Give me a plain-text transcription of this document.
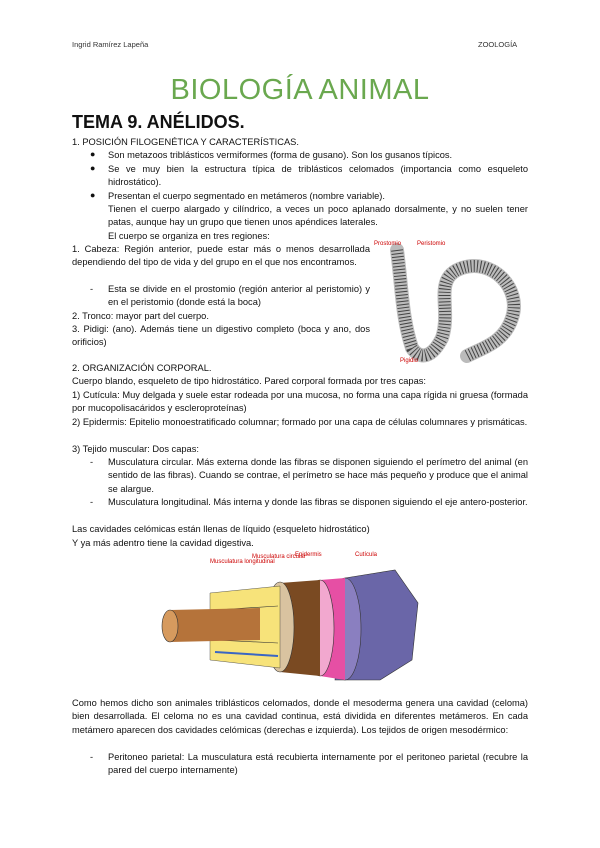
Ingrid Ramírez Lapeña	ZOOLOGÍA
BIOLOGÍA ANIMAL
TEMA 9. ANÉLIDOS.
1. POSICIÓN FILOGENÉTICA Y CARACTERÍSTICAS.
● Son metazoos triblásticos vermiformes (forma de gusano). Son los gusanos típicos.
● Se ve muy bien la estructura típica de triblásticos celomados (importancia como esqueleto hidrostático).
● Presentan el cuerpo segmentado en metámeros (nombre variable).
Tienen el cuerpo alargado y cilíndrico, a veces un poco aplanado dorsalmente, y no suelen tener patas, aunque hay un grupo que tienen unos apéndices laterales.
El cuerpo se organiza en tres regiones:
1. Cabeza: Región anterior, puede estar más o menos desarrollada dependiendo del tipo de vida y del grupo en el que nos encontramos.
- Esta se divide en el prostomio (región anterior al peristomio) y en el peristomio (donde está la boca)
2. Tronco: mayor part del cuerpo.
3. Pidigi: (ano). Además tiene un digestivo completo (boca y ano, dos orificios)
Prostomio	Peristomio
Pigidio
2. ORGANIZACIÓN CORPORAL.
Cuerpo blando, esqueleto de tipo hidrostático. Pared corporal formada por tres capas:
1) Cutícula: Muy delgada y suele estar rodeada por una mucosa, no forma una capa rígida ni gruesa (formada por mucopolisacáridos y escleroproteínas)
2) Epidermis: Epitelio monoestratificado columnar; formado por una capa de células columnares y prismáticas.
3) Tejido muscular: Dos capas:
- Musculatura circular. Más externa donde las fibras se disponen siguiendo el perímetro del animal (en sentido de las fibras). Cuando se contrae, el perímetro se hace más pequeño y produce que el animal se alargue.
- Musculatura longitudinal. Más interna y donde las fibras se disponen siguiendo el eje antero-posterior.
Las cavidades celómicas están llenas de líquido (esqueleto hidrostático)
Y ya más adentro tiene la cavidad digestiva.
Musculatura longitudinal
Musculatura circular
Epidermis	Cutícula
Como hemos dicho son animales triblásticos celomados, donde el mesoderma genera una cavidad (celoma) bien desarrollada. El celoma no es una cavidad continua, está dividida en diferentes metámeros. En cada metámero aparecen dos cavidades celómicas (derechas e izquierda). Los tejidos de origen mesodérmico:
- Peritoneo parietal: La musculatura está recubierta internamente por el peritoneo parietal (recubre la pared del cuerpo internamente)
